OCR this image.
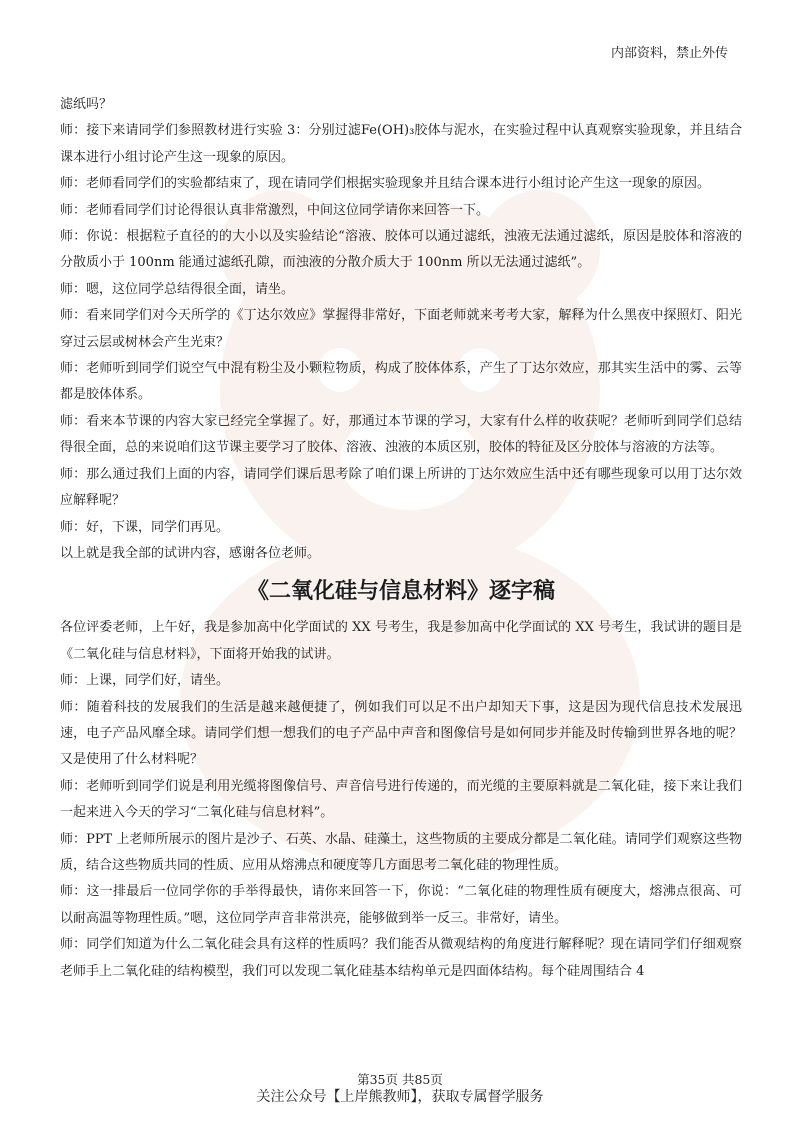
内部资料，禁止外传

滤纸吗？

师：接下来请同学们参照教材进行实验 3：分别过滤Fe(OH)₃胶体与泥水，在实验过程中认真观察实验现象，并且结合课本进行小组讨论产生这一现象的原因。

师：老师看同学们的实验都结束了，现在请同学们根据实验现象并且结合课本进行小组讨论产生这一现象的原因。

师：老师看同学们讨论得很认真非常激烈，中间这位同学请你来回答一下。

师：你说：根据粒子直径的的大小以及实验结论“溶液、胶体可以通过滤纸，浊液无法通过滤纸，原因是胶体和溶液的分散质小于 100nm 能通过滤纸孔隙，而浊液的分散介质大于 100nm 所以无法通过滤纸”。

师：嗯，这位同学总结得很全面，请坐。

师：看来同学们对今天所学的《丁达尔效应》掌握得非常好，下面老师就来考考大家，解释为什么黑夜中探照灯、阳光穿过云层或树林会产生光束？

师：老师听到同学们说空气中混有粉尘及小颗粒物质，构成了胶体体系，产生了丁达尔效应，那其实生活中的雾、云等都是胶体体系。

师：看来本节课的内容大家已经完全掌握了。好，那通过本节课的学习，大家有什么样的收获呢？老师听到同学们总结得很全面，总的来说咱们这节课主要学习了胶体、溶液、浊液的本质区别，胶体的特征及区分胶体与溶液的方法等。

师：那么通过我们上面的内容，请同学们课后思考除了咱们课上所讲的丁达尔效应生活中还有哪些现象可以用丁达尔效应解释呢？

师：好，下课，同学们再见。

以上就是我全部的试讲内容，感谢各位老师。

《二氧化硅与信息材料》逐字稿

各位评委老师，上午好，我是参加高中化学面试的 XX 号考生，我是参加高中化学面试的 XX 号考生，我试讲的题目是《二氧化硅与信息材料》，下面将开始我的试讲。

师：上课，同学们好，请坐。

师：随着科技的发展我们的生活是越来越便捷了，例如我们可以足不出户却知天下事，这是因为现代信息技术发展迅速，电子产品风靡全球。请同学们想一想我们的电子产品中声音和图像信号是如何同步并能及时传输到世界各地的呢？又是使用了什么材料呢？

师：老师听到同学们说是利用光缆将图像信号、声音信号进行传递的，而光缆的主要原料就是二氧化硅，接下来让我们一起来进入今天的学习“二氧化硅与信息材料”。

师：PPT 上老师所展示的图片是沙子、石英、水晶、硅藻土，这些物质的主要成分都是二氧化硅。请同学们观察这些物质，结合这些物质共同的性质、应用从熔沸点和硬度等几方面思考二氧化硅的物理性质。

师：这一排最后一位同学你的手举得最快，请你来回答一下，你说：“二氧化硅的物理性质有硬度大，熔沸点很高、可以耐高温等物理性质。”嗯，这位同学声音非常洪亮，能够做到举一反三。非常好，请坐。

师：同学们知道为什么二氧化硅会具有这样的性质吗？我们能否从微观结构的角度进行解释呢？现在请同学们仔细观察老师手上二氧化硅的结构模型，我们可以发现二氧化硅基本结构单元是四面体结构。每个硅周围结合 4

第35页 共85页
关注公众号【上岸熊教师】，获取专属督学服务
